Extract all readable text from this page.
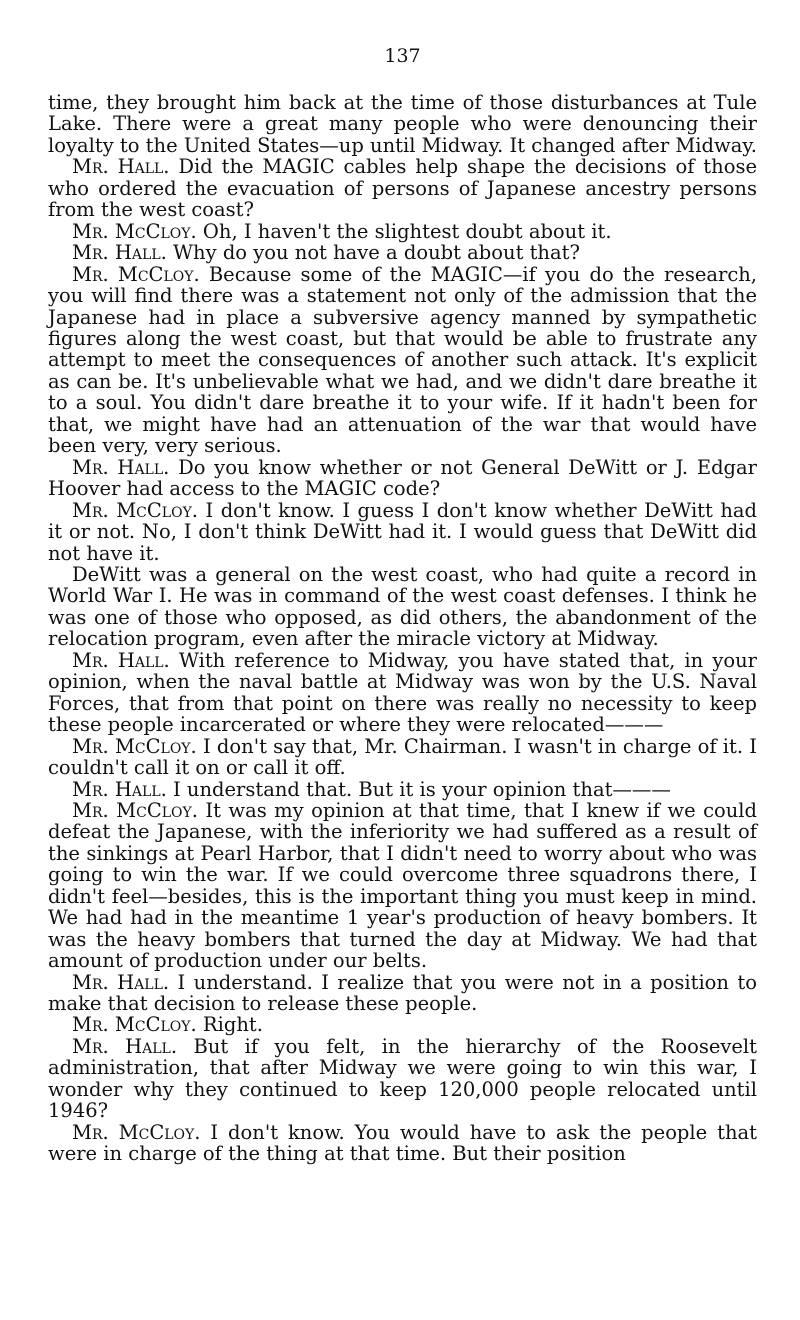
137

time, they brought him back at the time of those disturbances at Tule Lake. There were a great many people who were denouncing their loyalty to the United States—up until Midway. It changed after Midway.

Mr. Hall. Did the MAGIC cables help shape the decisions of those who ordered the evacuation of persons of Japanese ancestry persons from the west coast?

Mr. McCloy. Oh, I haven't the slightest doubt about it.

Mr. Hall. Why do you not have a doubt about that?

Mr. McCloy. Because some of the MAGIC—if you do the research, you will find there was a statement not only of the admission that the Japanese had in place a subversive agency manned by sympathetic figures along the west coast, but that would be able to frustrate any attempt to meet the consequences of another such attack. It's explicit as can be. It's unbelievable what we had, and we didn't dare breathe it to a soul. You didn't dare breathe it to your wife. If it hadn't been for that, we might have had an attenuation of the war that would have been very, very serious.

Mr. Hall. Do you know whether or not General DeWitt or J. Edgar Hoover had access to the MAGIC code?

Mr. McCloy. I don't know. I guess I don't know whether DeWitt had it or not. No, I don't think DeWitt had it. I would guess that DeWitt did not have it.

DeWitt was a general on the west coast, who had quite a record in World War I. He was in command of the west coast defenses. I think he was one of those who opposed, as did others, the abandonment of the relocation program, even after the miracle victory at Midway.

Mr. Hall. With reference to Midway, you have stated that, in your opinion, when the naval battle at Midway was won by the U.S. Naval Forces, that from that point on there was really no necessity to keep these people incarcerated or where they were relocated———

Mr. McCloy. I don't say that, Mr. Chairman. I wasn't in charge of it. I couldn't call it on or call it off.

Mr. Hall. I understand that. But it is your opinion that———

Mr. McCloy. It was my opinion at that time, that I knew if we could defeat the Japanese, with the inferiority we had suffered as a result of the sinkings at Pearl Harbor, that I didn't need to worry about who was going to win the war. If we could overcome three squadrons there, I didn't feel—besides, this is the important thing you must keep in mind. We had had in the meantime 1 year's production of heavy bombers. It was the heavy bombers that turned the day at Midway. We had that amount of production under our belts.

Mr. Hall. I understand. I realize that you were not in a position to make that decision to release these people.

Mr. McCloy. Right.

Mr. Hall. But if you felt, in the hierarchy of the Roosevelt administration, that after Midway we were going to win this war, I wonder why they continued to keep 120,000 people relocated until 1946?

Mr. McCloy. I don't know. You would have to ask the people that were in charge of the thing at that time. But their position
